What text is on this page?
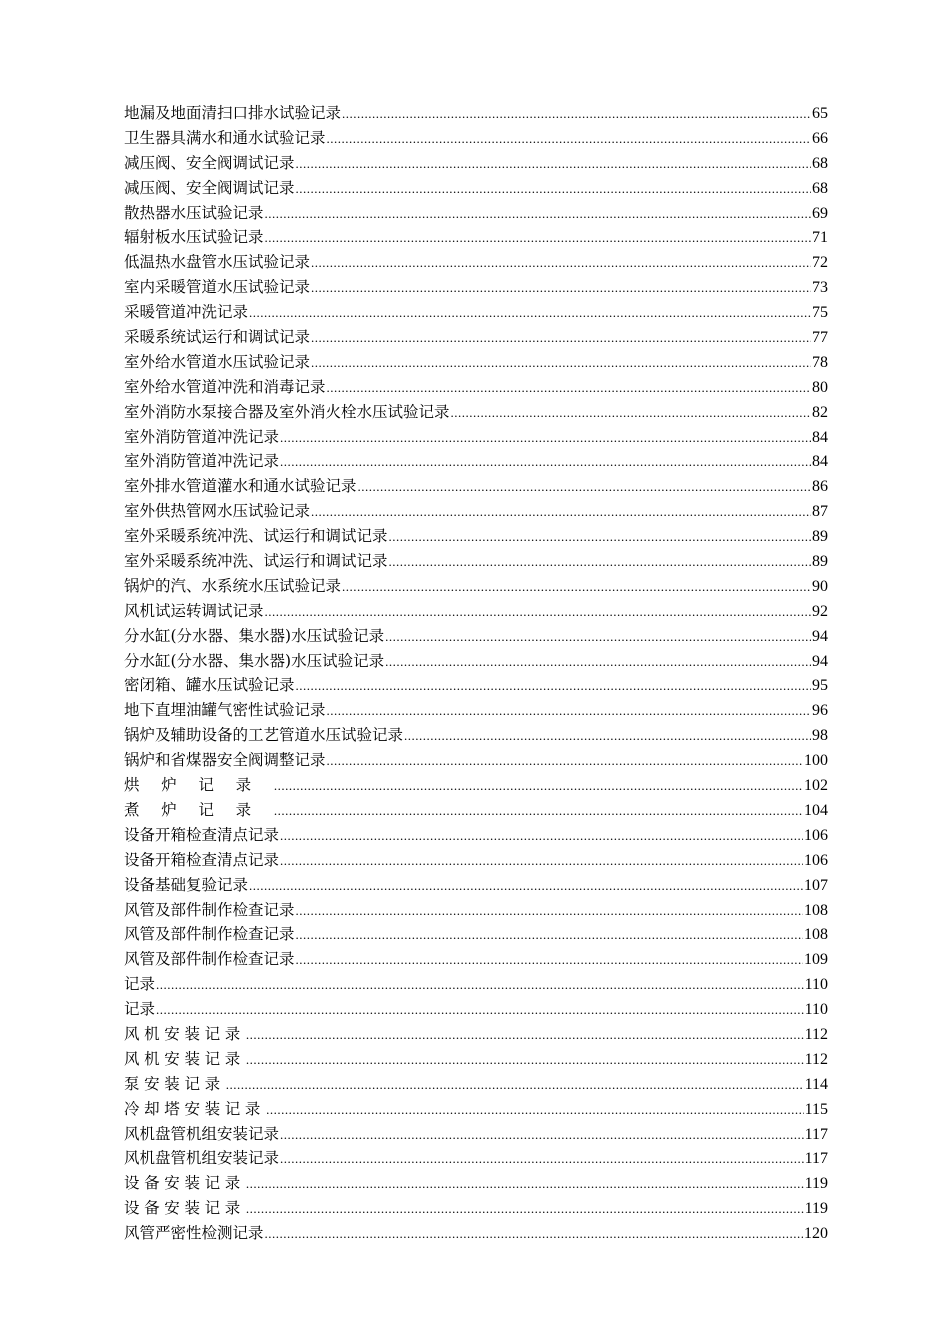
地漏及地面清扫口排水试验记录 .....	65
卫生器具满水和通水试验记录 .....	66
减压阀、安全阀调试记录 .....	68
减压阀、安全阀调试记录 .....	68
散热器水压试验记录 .....	69
辐射板水压试验记录 .....	71
低温热水盘管水压试验记录 .....	72
室内采暖管道水压试验记录 .....	73
采暖管道冲洗记录 .....	75
采暖系统试运行和调试记录 .....	77
室外给水管道水压试验记录 .....	78
室外给水管道冲洗和消毒记录 .....	80
室外消防水泵接合器及室外消火栓水压试验记录 .....	82
室外消防管道冲洗记录 .....	84
室外消防管道冲洗记录 .....	84
室外排水管道灌水和通水试验记录 .....	86
室外供热管网水压试验记录 .....	87
室外采暖系统冲洗、试运行和调试记录 .....	89
室外采暖系统冲洗、试运行和调试记录 .....	89
锅炉的汽、水系统水压试验记录 .....	90
风机试运转调试记录 .....	92
分水缸(分水器、集水器)水压试验记录 .....	94
分水缸(分水器、集水器)水压试验记录 .....	94
密闭箱、罐水压试验记录 .....	95
地下直埋油罐气密性试验记录 .....	96
锅炉及辅助设备的工艺管道水压试验记录 .....	98
锅炉和省煤器安全阀调整记录 .....	100
烘炉记录 .....	102
煮炉记录 .....	104
设备开箱检查清点记录 .....	106
设备开箱检查清点记录 .....	106
设备基础复验记录 .....	107
风管及部件制作检查记录 .....	108
风管及部件制作检查记录 .....	108
风管及部件制作检查记录 .....	109
记录 .....	110
记录 .....	110
风机安装记录 .....	112
风机安装记录 .....	112
泵安装记录 .....	114
冷却塔安装记录 .....	115
风机盘管机组安装记录 .....	117
风机盘管机组安装记录 .....	117
设备安装记录 .....	119
设备安装记录 .....	119
风管严密性检测记录 .....	120
